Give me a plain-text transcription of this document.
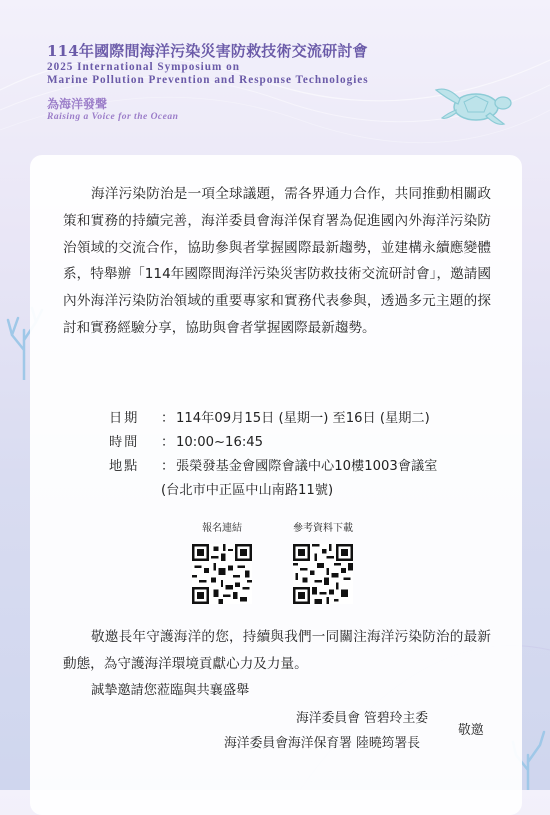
114年國際間海洋污染災害防救技術交流研討會
2025 International Symposium on
Marine Pollution Prevention and Response Technologies
為海洋發聲
Raising a Voice for the Ocean
海洋污染防治是一項全球議題，需各界通力合作，共同推動相關政策和實務的持續完善，海洋委員會海洋保育署為促進國內外海洋污染防治領域的交流合作，協助參與者掌握國際最新趨勢，並建構永續應變體系，特舉辦「114年國際間海洋污染災害防救技術交流研討會」，邀請國內外海洋污染防治領域的重要專家和實務代表參與，透過多元主題的探討和實務經驗分享，協助與會者掌握國際最新趨勢。
日期	： 114年09月15日 (星期一) 至16日 (星期二)
時間	： 10:00~16:45
地點	： 張榮發基金會國際會議中心10樓1003會議室
(台北市中正區中山南路11號)
報名連結	參考資料下載
敬邀長年守護海洋的您，持續與我們一同關注海洋污染防治的最新動態，為守護海洋環境貢獻心力及力量。
誠摯邀請您蒞臨與共襄盛舉
海洋委員會 管碧玲主委
海洋委員會海洋保育署 陸曉筠署長
敬邀
